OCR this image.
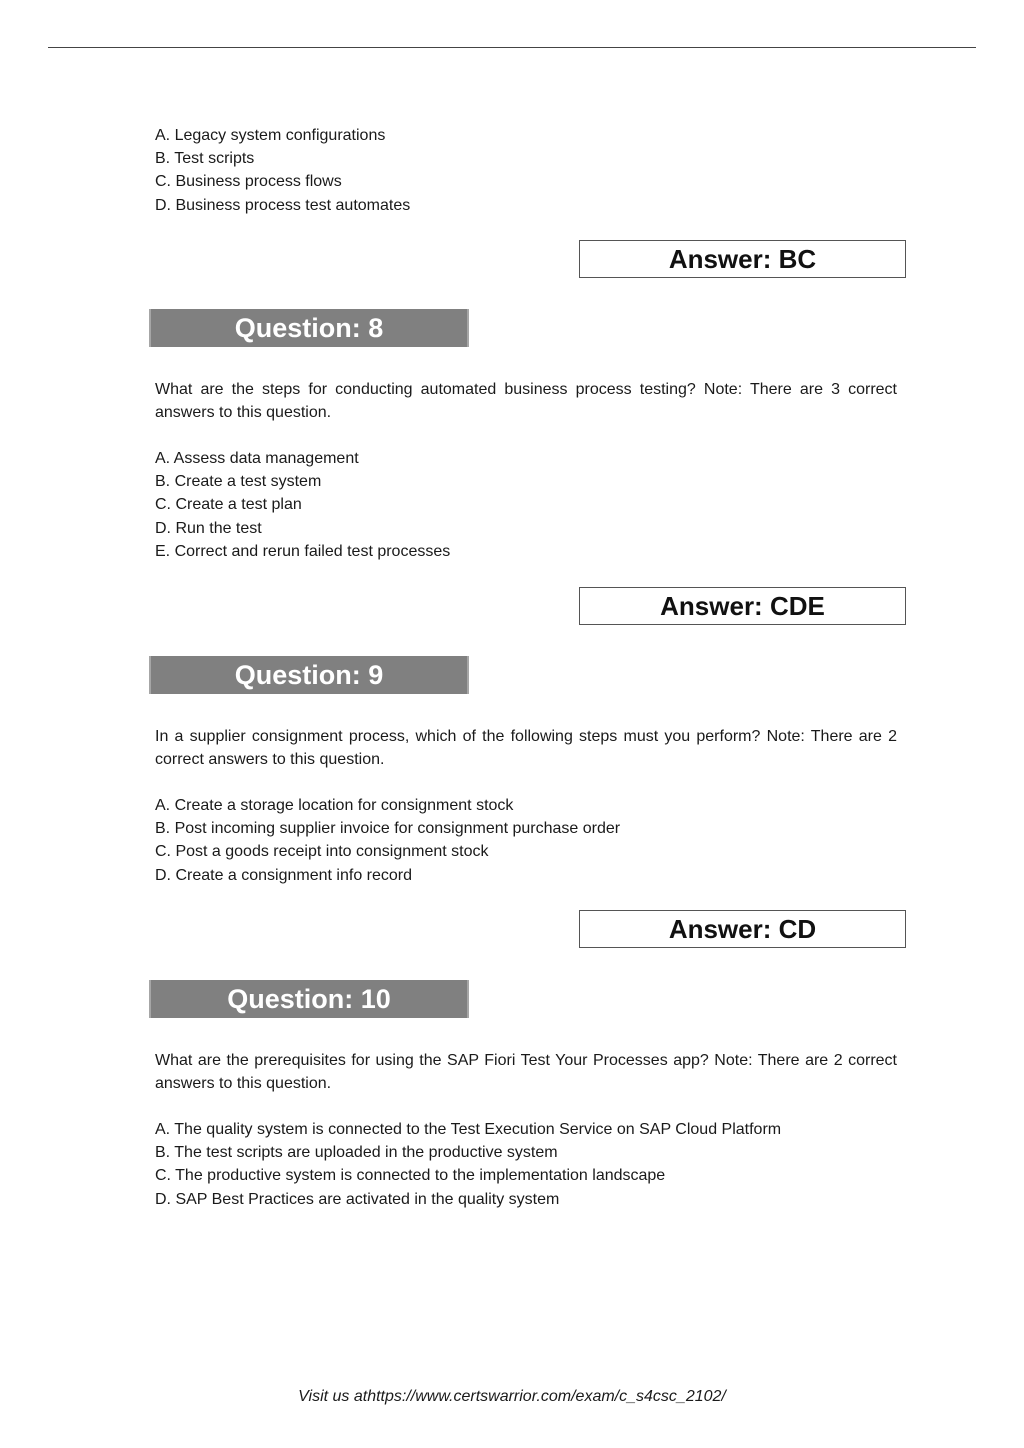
A. Legacy system configurations
B. Test scripts
C. Business process flows
D. Business process test automates
Answer: BC
Question: 8

What are the steps for conducting automated business process testing? Note: There are 3 correct answers to this question.

A. Assess data management
B. Create a test system
C. Create a test plan
D. Run the test
E. Correct and rerun failed test processes
Answer: CDE
Question: 9

In a supplier consignment process, which of the following steps must you perform? Note: There are 2 correct answers to this question.

A. Create a storage location for consignment stock
B. Post incoming supplier invoice for consignment purchase order
C. Post a goods receipt into consignment stock
D. Create a consignment info record
Answer: CD
Question: 10

What are the prerequisites for using the SAP Fiori Test Your Processes app? Note: There are 2 correct answers to this question.

A. The quality system is connected to the Test Execution Service on SAP Cloud Platform
B. The test scripts are uploaded in the productive system
C. The productive system is connected to the implementation landscape
D. SAP Best Practices are activated in the quality system
Visit us athttps://www.certswarrior.com/exam/c_s4csc_2102/
